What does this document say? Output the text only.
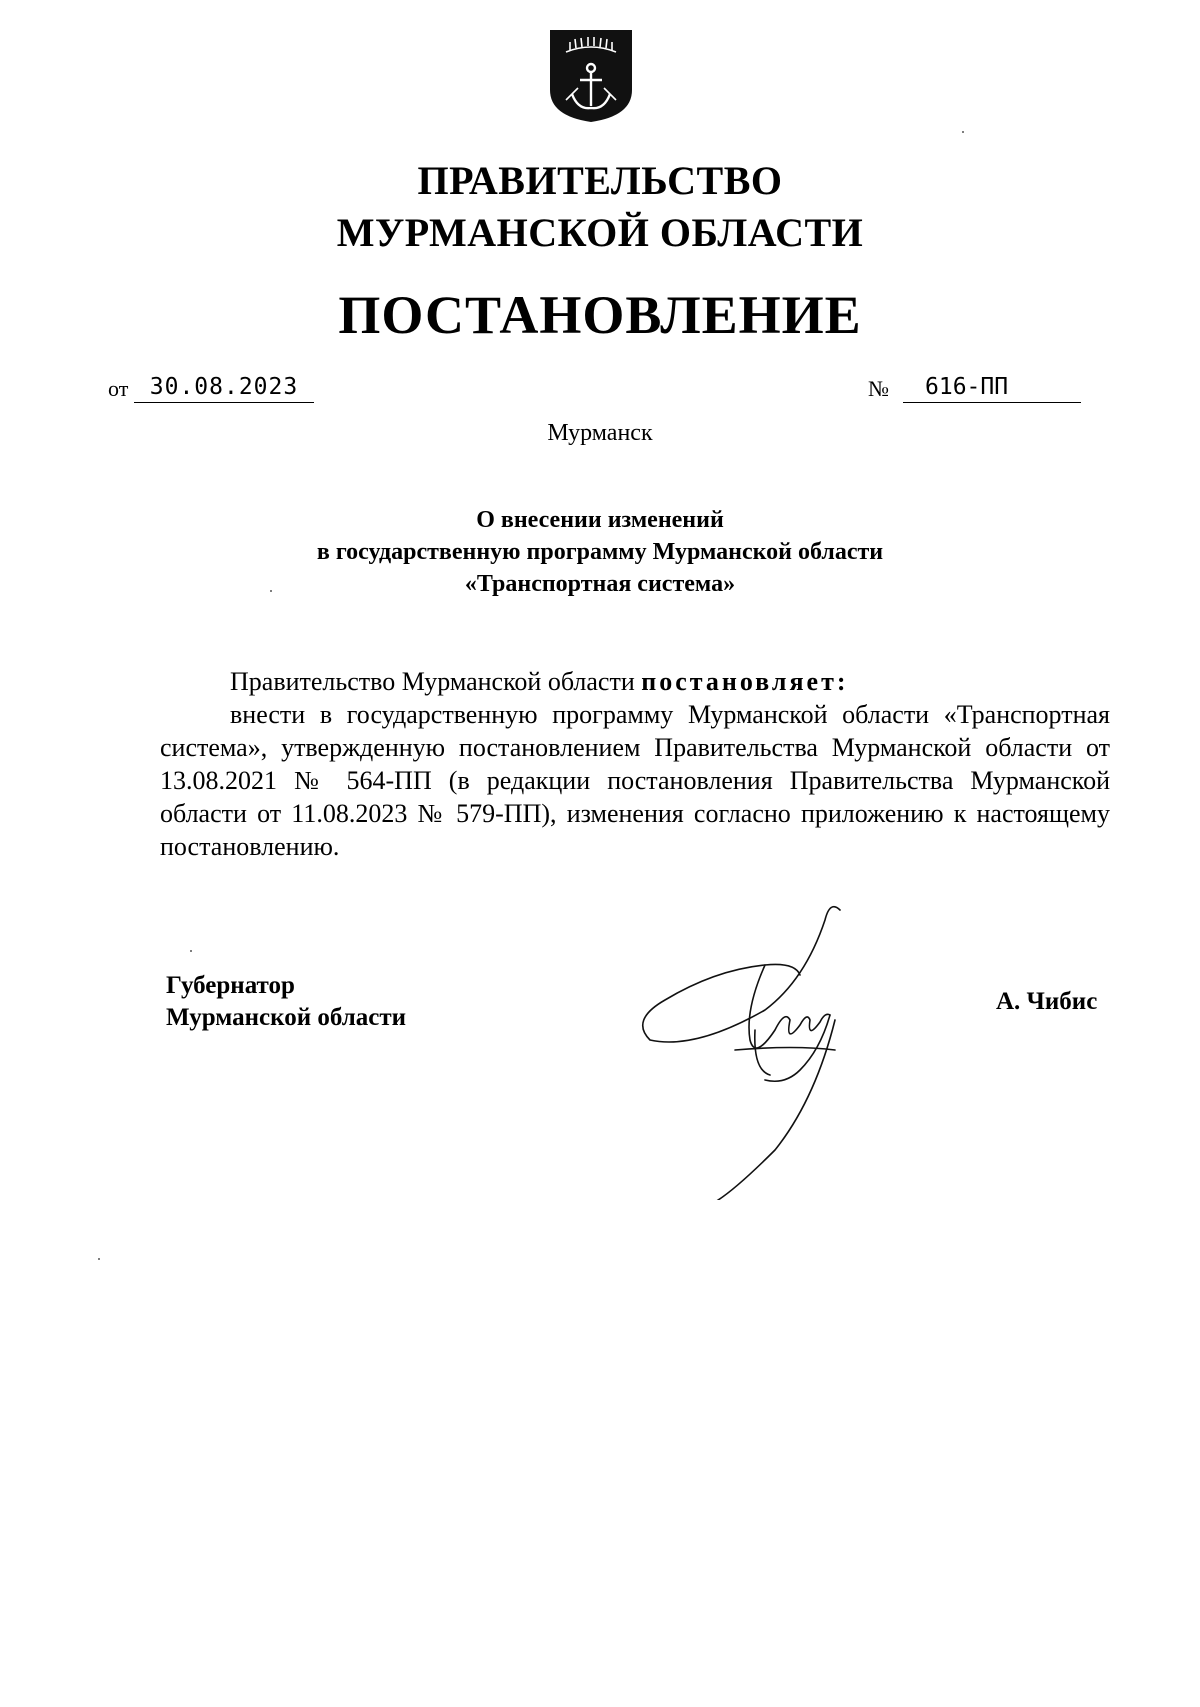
ПРАВИТЕЛЬСТВО
МУРМАНСКОЙ ОБЛАСТИ
ПОСТАНОВЛЕНИЕ
от 30.08.2023	№	616-ПП
Мурманск
О внесении изменений
в государственную программу Мурманской области
«Транспортная система»

Правительство Мурманской области постановляет:

внести в государственную программу Мурманской области «Транспортная система», утвержденную постановлением Правительства Мурманской области от 13.08.2021 № 564-ПП (в редакции постановления Правительства Мурманской области от 11.08.2023 № 579-ПП), изменения согласно приложению к настоящему постановлению.

Губернатор
Мурманской области
А. Чибис
